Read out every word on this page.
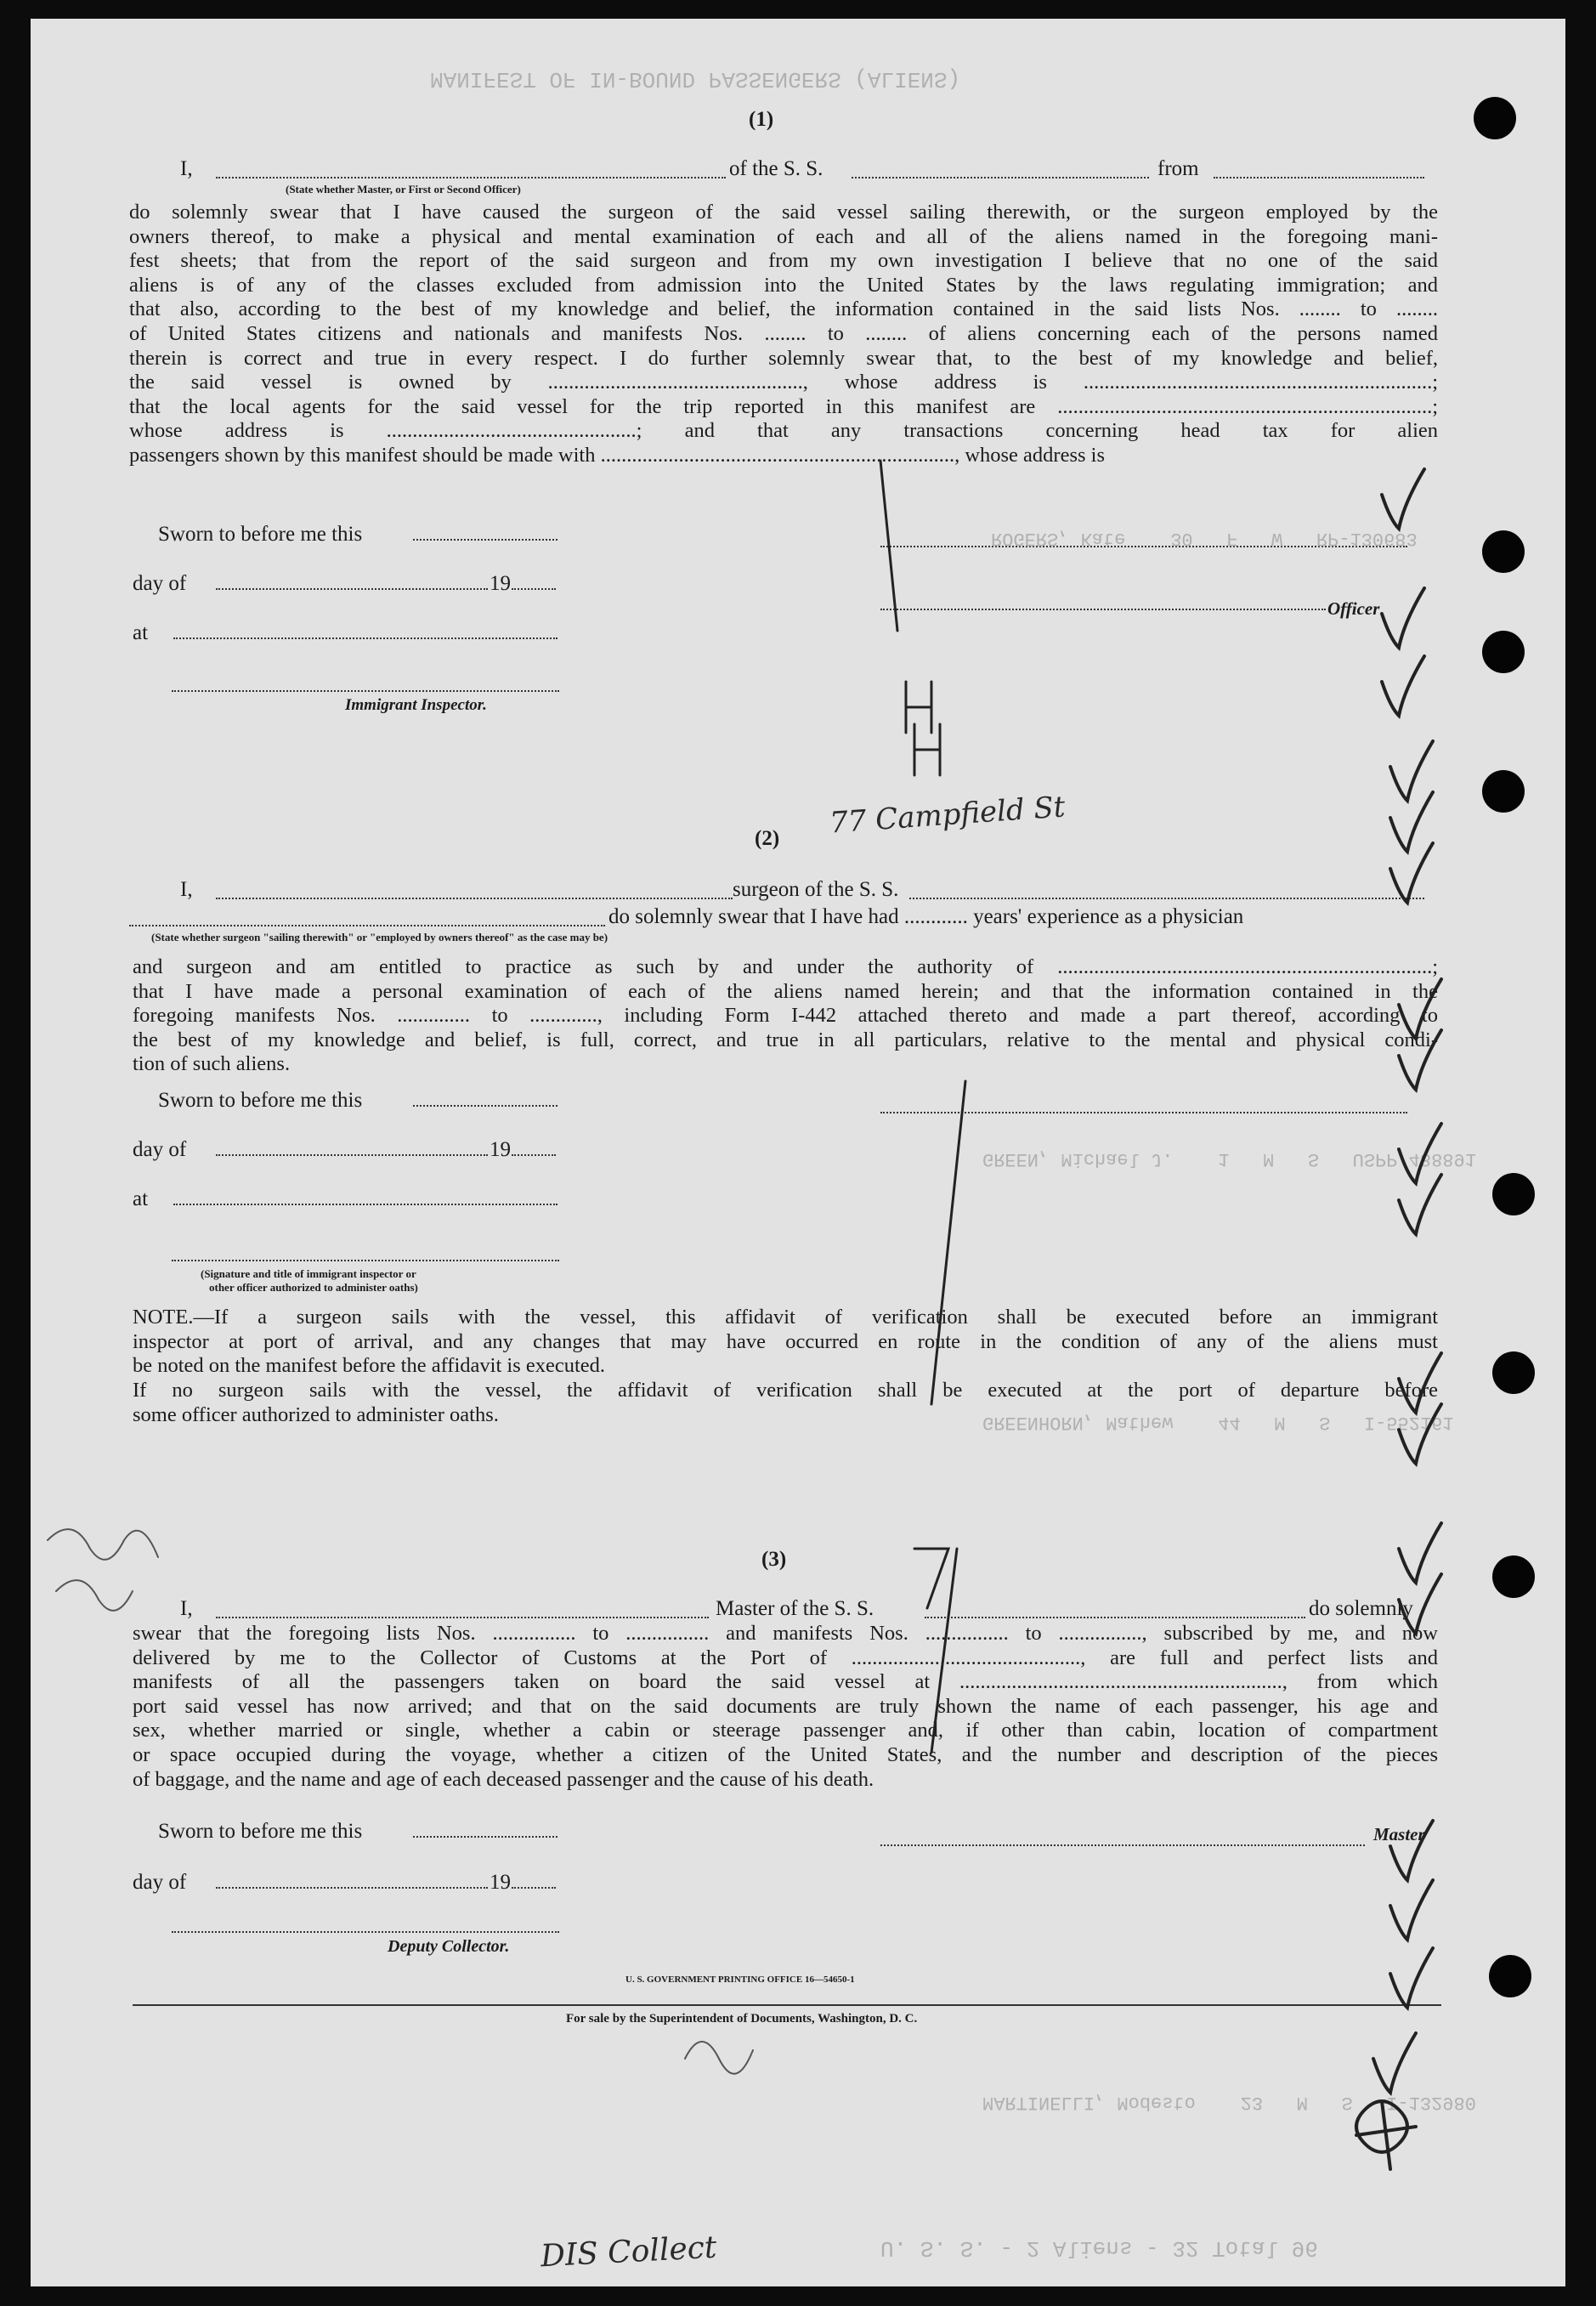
(1)
I,	of the S. S.	from
(State whether Master, or First or Second Officer)
do solemnly swear that I have caused the surgeon of the said vessel sailing therewith, or the surgeon employed by the
owners thereof, to make a physical and mental examination of each and all of the aliens named in the foregoing mani-
fest sheets; that from the report of the said surgeon and from my own investigation I believe that no one of the said
aliens is of any of the classes excluded from admission into the United States by the laws regulating immigration; and
that also, according to the best of my knowledge and belief, the information contained in the said lists Nos. ........ to ........
of United States citizens and nationals and manifests Nos. ........ to ........ of aliens concerning each of the persons named
therein is correct and true in every respect. I do further solemnly swear that, to the best of my knowledge and belief,
the said vessel is owned by ................................................., whose address is ...................................................................;
that the local agents for the said vessel for the trip reported in this manifest are ........................................................................;
whose address is ................................................; and that any transactions concerning head tax for alien
passengers shown by this manifest should be made with ...................................................................., whose address is
Sworn to before me this
day of	19
at
Immigrant Inspector.
Officer
(2)
I,	surgeon of the S. S.
do solemnly swear that I have had ............ years' experience as a physician
(State whether surgeon "sailing therewith" or "employed by owners thereof" as the case may be)
and surgeon and am entitled to practice as such by and under the authority of ........................................................................;
that I have made a personal examination of each of the aliens named herein; and that the information contained in the
foregoing manifests Nos. .............. to ............., including Form I-442 attached thereto and made a part thereof, according to
the best of my knowledge and belief, is full, correct, and true in all particulars, relative to the mental and physical condi-
tion of such aliens.
Sworn to before me this
day of	19
at
(Signature and title of immigrant inspector or
other officer authorized to administer oaths)
NOTE.—If a surgeon sails with the vessel, this affidavit of verification shall be executed before an immigrant
inspector at port of arrival, and any changes that may have occurred en route in the condition of any of the aliens must
be noted on the manifest before the affidavit is executed.
If no surgeon sails with the vessel, the affidavit of verification shall be executed at the port of departure before
some officer authorized to administer oaths.
(3)
I,	Master of the S. S.	do solemnly
swear that the foregoing lists Nos. ................ to ................ and manifests Nos. ................ to ................, subscribed by me, and now
delivered by me to the Collector of Customs at the Port of ............................................, are full and perfect lists and
manifests of all the passengers taken on board the said vessel at .............................................................., from which
port said vessel has now arrived; and that on the said documents are truly shown the name of each passenger, his age and
sex, whether married or single, whether a cabin or steerage passenger and, if other than cabin, location of compartment
or space occupied during the voyage, whether a citizen of the United States, and the number and description of the pieces
of baggage, and the name and age of each deceased passenger and the cause of his death.
Sworn to before me this
day of	19
Deputy Collector.
Master
U. S. GOVERNMENT PRINTING OFFICE 16—54650-1
For sale by the Superintendent of Documents, Washington, D. C.
MANIFEST OF IN-BOUND PASSENGERS (ALIENS)
ROGERS, Kate    30   F   W   RP-130683
GREEN, Michael J.    1   M   S   USPP 488891
GREENHORN, Mathew    44   M   S   I-552161
MARTINELLI, Modesto    23   M   S   I-132980
U. S. S. - 2 Aliens - 32 Total 96
77 Campfield St
DIS Collect
